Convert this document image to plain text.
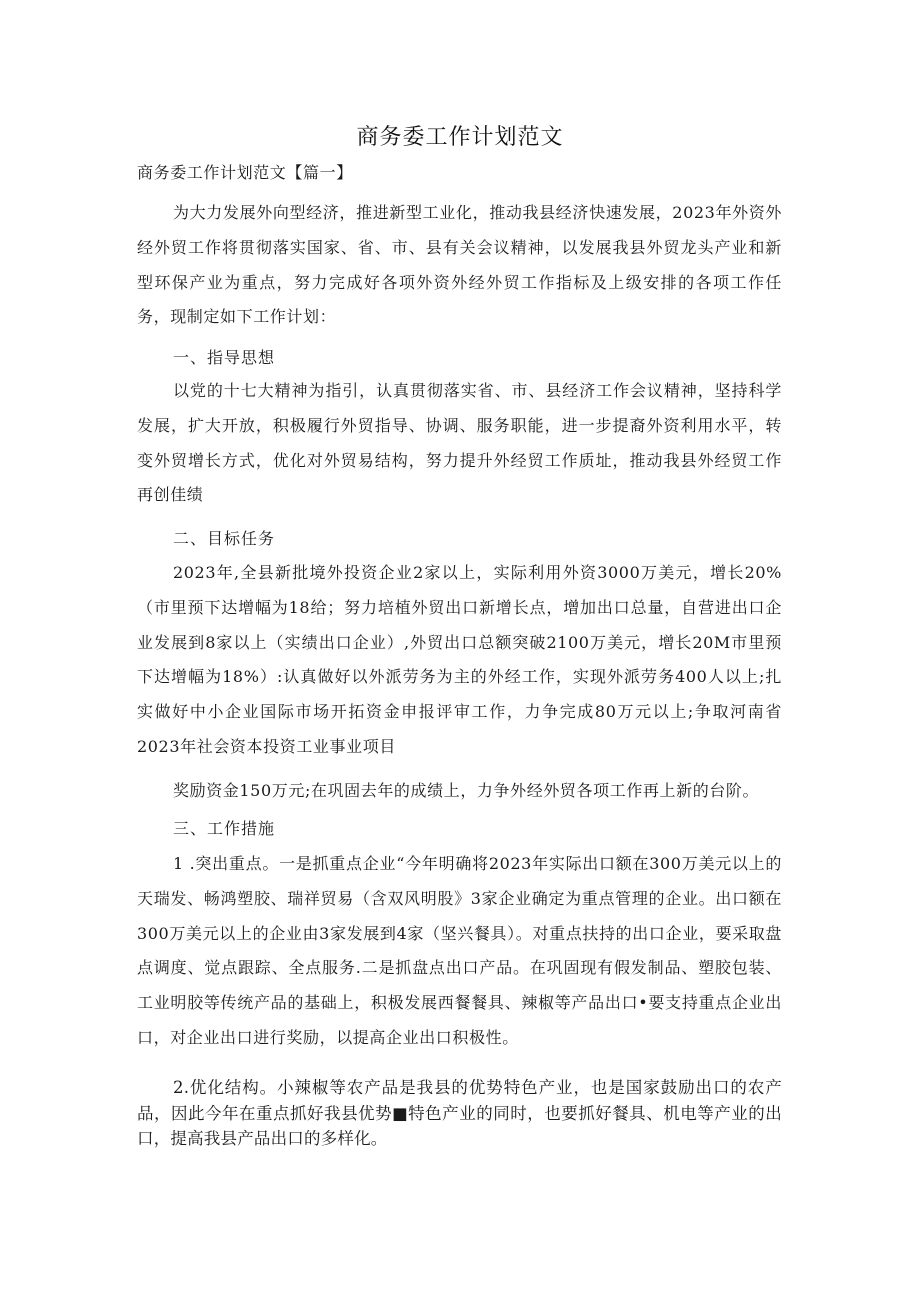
商务委工作计划范文
商务委工作计划范文【篇一】
为大力发展外向型经济，推进新型工业化，推动我县经济快速发展，2023年外资外经外贸工作将贯彻落实国家、省、市、县有关会议精神，以发展我县外贸龙头产业和新型环保产业为重点，努力完成好各项外资外经外贸工作指标及上级安排的各项工作任务，现制定如下工作计划：
一、指导思想
以党的十七大精神为指引，认真贯彻落实省、市、县经济工作会议精神，坚持科学发展，扩大开放，积极履行外贸指导、协调、服务职能，进一步提裔外资利用水平，转变外贸增长方式，优化对外贸易结构，努力提升外经贸工作质址，推动我县外经贸工作再创佳绩
二、目标任务
2023年,全县新批境外投资企业2家以上，实际利用外资3000万美元，增长20%（市里预下达增幅为18给；努力培植外贸出口新增长点，增加出口总量，自营进出口企业发展到8家以上（实绩出口企业）,外贸出口总额突破2100万美元，增长20M市里预下达增幅为18%）:认真做好以外派劳务为主的外经工作，实现外派劳务400人以上;扎实做好中小企业国际市场开拓资金申报评审工作，力争完成80万元以上;争取河南省2023年社会资本投资工业事业项目
奖励资金150万元;在巩固去年的成绩上，力争外经外贸各项工作再上新的台阶。
三、工作措施
1 .突出重点。一是抓重点企业“今年明确将2023年实际出口额在300万美元以上的天瑞发、畅鸿塑胶、瑞祥贸易（含双风明股》3家企业确定为重点管理的企业。出口额在300万美元以上的企业由3家发展到4家（坚兴餐具）。对重点扶持的出口企业，要采取盘点调度、觉点跟踪、全点服务.二是抓盘点出口产品。在巩固现有假发制品、塑胶包装、工业明胶等传统产品的基础上，积极发展西餐餐具、辣椒等产品出口•要支持重点企业出口，对企业出口进行奖励，以提高企业出口积极性。
2.优化结构。小辣椒等农产品是我县的优势特色产业，也是国家鼓励出口的农产品，因此今年在重点抓好我县优势■特色产业的同时，也要抓好餐具、机电等产业的出口，提高我县产品出口的多样化。
